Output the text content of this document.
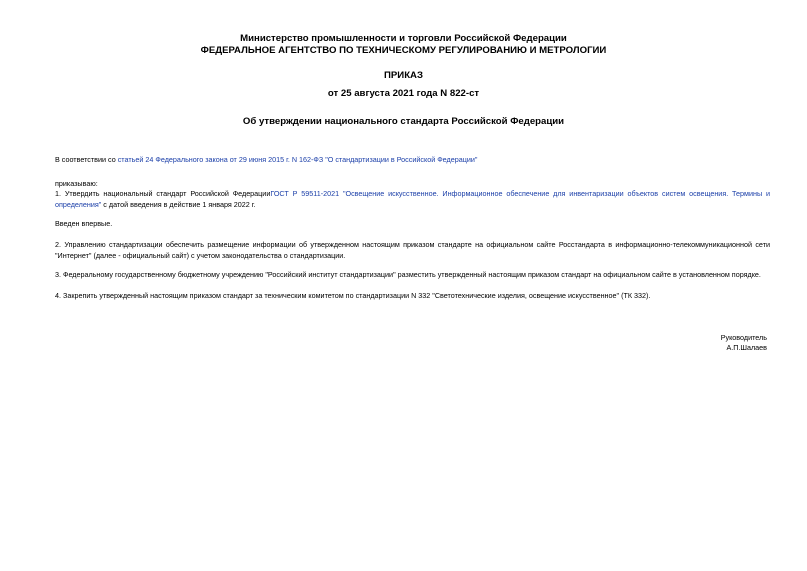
Министерство промышленности и торговли Российской Федерации
ФЕДЕРАЛЬНОЕ АГЕНТСТВО ПО ТЕХНИЧЕСКОМУ РЕГУЛИРОВАНИЮ И МЕТРОЛОГИИ
ПРИКАЗ
от 25 августа 2021 года N 822-ст
Об утверждении национального стандарта Российской Федерации
В соответствии со статьей 24 Федерального закона от 29 июня 2015 г. N 162-ФЗ "О стандартизации в Российской Федерации"
приказываю:
1. Утвердить национальный стандарт Российской ФедерацииГОСТ Р 59511-2021 "Освещение искусственное. Информационное обеспечение для инвентаризации объектов систем освещения. Термины и определения" с датой введения в действие 1 января 2022 г.
Введен впервые.
2. Управлению стандартизации обеспечить размещение информации об утвержденном настоящим приказом стандарте на официальном сайте Росстандарта в информационно-телекоммуникационной сети "Интернет" (далее - официальный сайт) с учетом законодательства о стандартизации.
3. Федеральному государственному бюджетному учреждению "Российский институт стандартизации" разместить утвержденный настоящим приказом стандарт на официальном сайте в установленном порядке.
4. Закрепить утвержденный настоящим приказом стандарт за техническим комитетом по стандартизации N 332 "Светотехнические изделия, освещение искусственное" (ТК 332).
Руководитель
А.П.Шалаев
